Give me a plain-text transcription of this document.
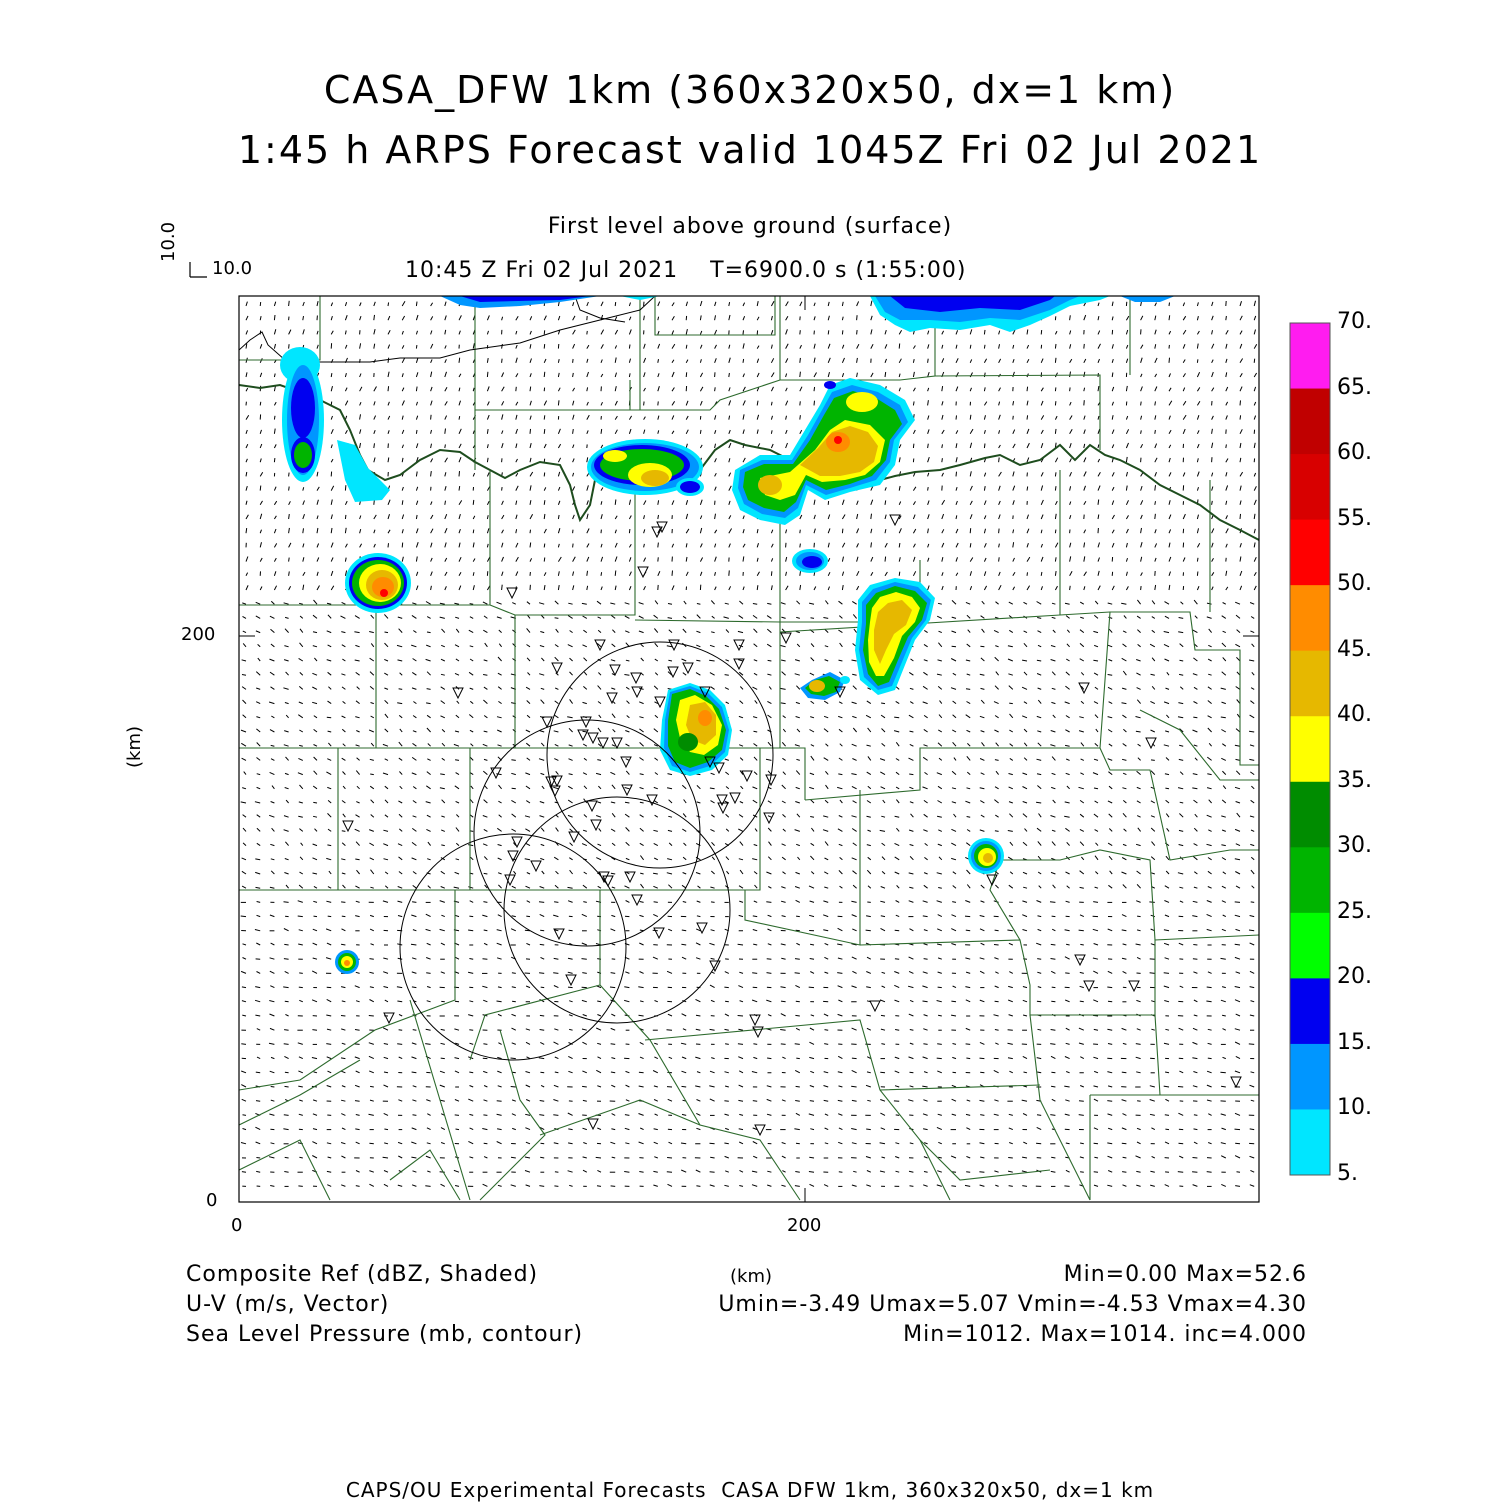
CASA_DFW 1km (360x320x50, dx=1 km)
1:45 h ARPS Forecast valid 1045Z Fri 02 Jul 2021
First level above ground (surface)
10:45 Z Fri 02 Jul 2021    T=6900.0 s (1:55:00)
10.0
10.0
200
0
0	200
(km)
(km)
70.
65.
60.
55.
50.
45.
40.
35.
30.
25.
20.
15.
10.
5.
Composite Ref (dBZ, Shaded)	Min=0.00 Max=52.6
U-V (m/s, Vector)	Umin=-3.49 Umax=5.07 Vmin=-4.53 Vmax=4.30
Sea Level Pressure (mb, contour)	Min=1012. Max=1014. inc=4.000
CAPS/OU Experimental Forecasts  CASA DFW 1km, 360x320x50, dx=1 km
